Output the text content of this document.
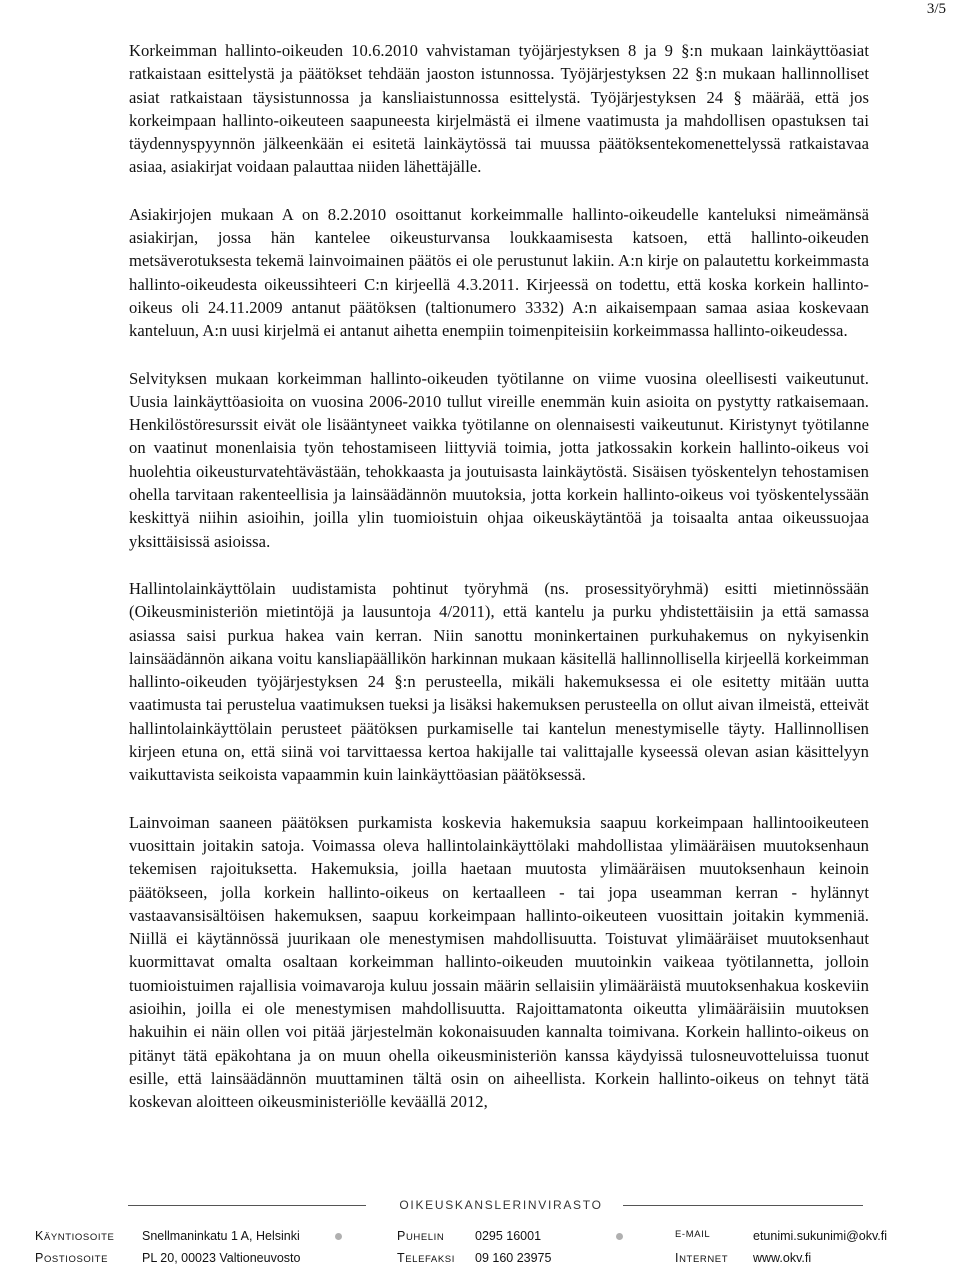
3/5

Korkeimman hallinto-oikeuden 10.6.2010 vahvistaman työjärjestyksen 8 ja 9 §:n mukaan lainkäyttöasiat ratkaistaan esittelystä ja päätökset tehdään jaoston istunnossa. Työjärjestyksen 22 §:n mukaan hallinnolliset asiat ratkaistaan täysistunnossa ja kansliaistunnossa esittelystä. Työjärjestyksen 24 § määrää, että jos korkeimpaan hallinto-oikeuteen saapuneesta kirjelmästä ei ilmene vaatimusta ja mahdollisen opastuksen tai täydennyspyynnön jälkeenkään ei esitetä lainkäytössä tai muussa päätöksentekomenettelyssä ratkaistavaa asiaa, asiakirjat voidaan palauttaa niiden lähettäjälle.

Asiakirjojen mukaan A on 8.2.2010 osoittanut korkeimmalle hallinto-oikeudelle kanteluksi nimeämänsä asiakirjan, jossa hän kantelee oikeusturvansa loukkaamisesta katsoen, että hallinto-oikeuden metsäverotuksesta tekemä lainvoimainen päätös ei ole perustunut lakiin. A:n kirje on palautettu korkeimmasta hallinto-oikeudesta oikeussihteeri C:n kirjeellä 4.3.2011. Kirjeessä on todettu, että koska korkein hallinto-oikeus oli 24.11.2009 antanut päätöksen (taltionumero 3332) A:n aikaisempaan samaa asiaa koskevaan kanteluun, A:n uusi kirjelmä ei antanut aihetta enempiin toimenpiteisiin korkeimmassa hallinto-oikeudessa.

Selvityksen mukaan korkeimman hallinto-oikeuden työtilanne on viime vuosina oleellisesti vaikeutunut. Uusia lainkäyttöasioita on vuosina 2006-2010 tullut vireille enemmän kuin asioita on pystytty ratkaisemaan. Henkilöstöresurssit eivät ole lisääntyneet vaikka työtilanne on olennaisesti vaikeutunut. Kiristynyt työtilanne on vaatinut monenlaisia työn tehostamiseen liittyviä toimia, jotta jatkossakin korkein hallinto-oikeus voi huolehtia oikeusturvatehtävästään, tehokkaasta ja joutuisasta lainkäytöstä. Sisäisen työskentelyn tehostamisen ohella tarvitaan rakenteellisia ja lainsäädännön muutoksia, jotta korkein hallinto-oikeus voi työskentelyssään keskittyä niihin asioihin, joilla ylin tuomioistuin ohjaa oikeuskäytäntöä ja toisaalta antaa oikeussuojaa yksittäisissä asioissa.

Hallintolainkäyttölain uudistamista pohtinut työryhmä (ns. prosessityöryhmä) esitti mietinnössään (Oikeusministeriön mietintöjä ja lausuntoja 4/2011), että kantelu ja purku yhdistettäisiin ja että samassa asiassa saisi purkua hakea vain kerran. Niin sanottu moninkertainen purkuhakemus on nykyisenkin lainsäädännön aikana voitu kansliapäällikön harkinnan mukaan käsitellä hallinnollisella kirjeellä korkeimman hallinto-oikeuden työjärjestyksen 24 §:n perusteella, mikäli hakemuksessa ei ole esitetty mitään uutta vaatimusta tai perustelua vaatimuksen tueksi ja lisäksi hakemuksen perusteella on ollut aivan ilmeistä, etteivät hallintolainkäyttölain perusteet päätöksen purkamiselle tai kantelun menestymiselle täyty. Hallinnollisen kirjeen etuna on, että siinä voi tarvittaessa kertoa hakijalle tai valittajalle kyseessä olevan asian käsittelyyn vaikuttavista seikoista vapaammin kuin lainkäyttöasian päätöksessä.

Lainvoiman saaneen päätöksen purkamista koskevia hakemuksia saapuu korkeimpaan hallintooikeuteen vuosittain joitakin satoja. Voimassa oleva hallintolainkäyttölaki mahdollistaa ylimääräisen muutoksenhaun tekemisen rajoituksetta. Hakemuksia, joilla haetaan muutosta ylimääräisen muutoksenhaun keinoin päätökseen, jolla korkein hallinto-oikeus on kertaalleen - tai jopa useamman kerran - hylännyt vastaavansisältöisen hakemuksen, saapuu korkeimpaan hallinto-oikeuteen vuosittain joitakin kymmeniä. Niillä ei käytännössä juurikaan ole menestymisen mahdollisuutta. Toistuvat ylimääräiset muutoksenhaut kuormittavat omalta osaltaan korkeimman hallinto-oikeuden muutoinkin vaikeaa työtilannetta, jolloin tuomioistuimen rajallisia voimavaroja kuluu jossain määrin sellaisiin ylimääräistä muutoksenhakua koskeviin asioihin, joilla ei ole menestymisen mahdollisuutta. Rajoittamatonta oikeutta ylimääräisiin muutoksen hakuihin ei näin ollen voi pitää järjestelmän kokonaisuuden kannalta toimivana. Korkein hallinto-oikeus on pitänyt tätä epäkohtana ja on muun ohella oikeusministeriön kanssa käydyissä tulosneuvotteluissa tuonut esille, että lainsäädännön muuttaminen tältä osin on aiheellista. Korkein hallinto-oikeus on tehnyt tätä koskevan aloitteen oikeusministeriölle keväällä 2012,

OIKEUSKANSLERINVIRASTO
KÄYNTIOSOITE Snellmaninkatu 1 A, Helsinki	PUHELIN 0295 16001	E-MAIL	etunimi.sukunimi@okv.fi
POSTIOSOITE	PL 20, 00023 Valtioneuvosto	TELEFAKSI 09 160 23975	INTERNET www.okv.fi
